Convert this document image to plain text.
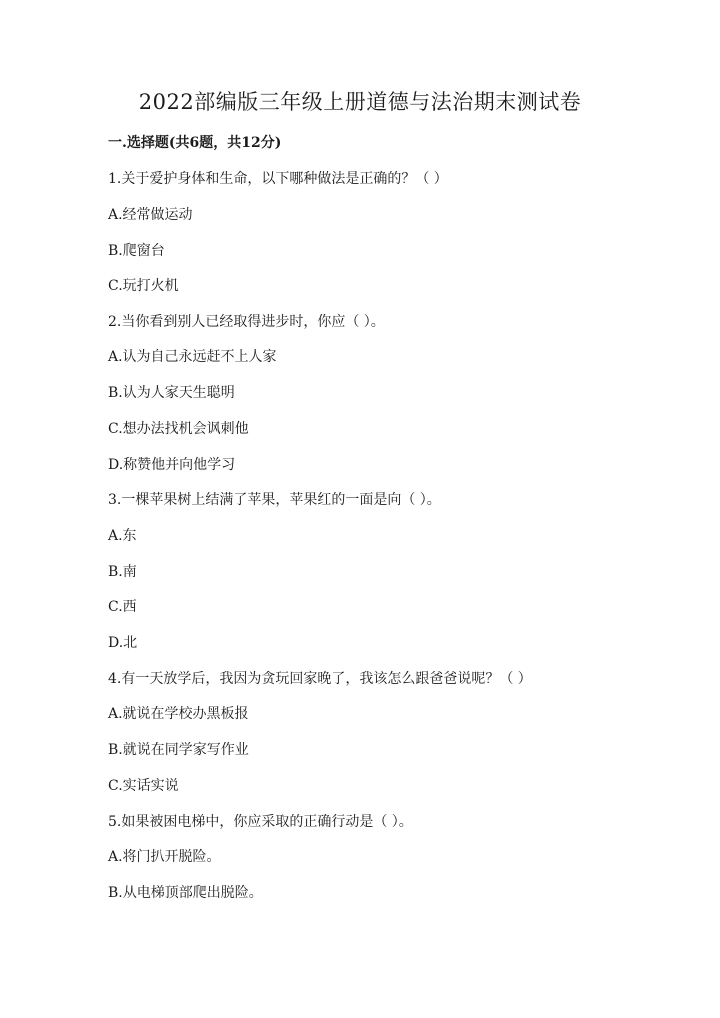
2022部编版三年级上册道德与法治期末测试卷
一.选择题(共6题，共12分)
1.关于爱护身体和生命，以下哪种做法是正确的？（ ）
A.经常做运动
B.爬窗台
C.玩打火机
2.当你看到别人已经取得进步时，你应（ ）。
A.认为自己永远赶不上人家
B.认为人家天生聪明
C.想办法找机会讽刺他
D.称赞他并向他学习
3.一棵苹果树上结满了苹果，苹果红的一面是向（ ）。
A.东
B.南
C.西
D.北
4.有一天放学后，我因为贪玩回家晚了，我该怎么跟爸爸说呢？（ ）
A.就说在学校办黑板报
B.就说在同学家写作业
C.实话实说
5.如果被困电梯中，你应采取的正确行动是（ ）。
A.将门扒开脱险。
B.从电梯顶部爬出脱险。
